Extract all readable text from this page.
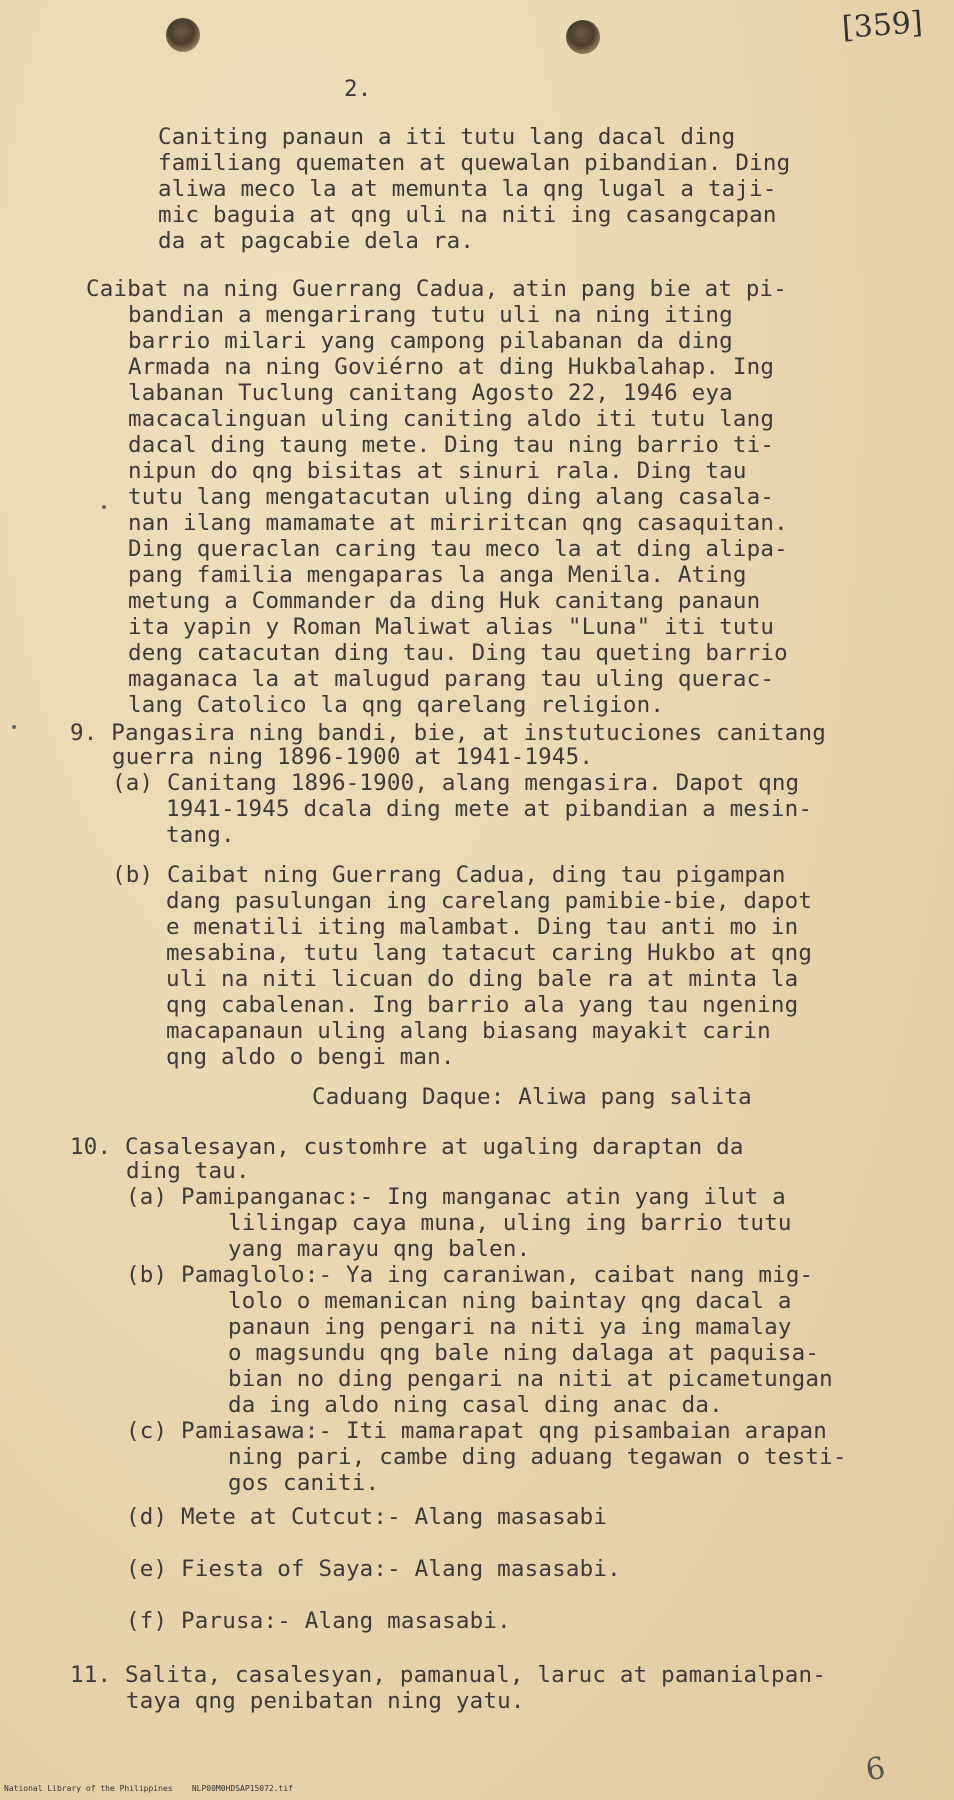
[359]
2.
Caniting panaun a iti tutu lang dacal ding
familiang quematen at quewalan pibandian. Ding
aliwa meco la at memunta la qng lugal a taji-
mic baguia at qng uli na niti ing casangcapan
da at pagcabie dela ra.
Caibat na ning Guerrang Cadua, atin pang bie at pi-
bandian a mengarirang tutu uli na ning iting
barrio milari yang campong pilabanan da ding
Armada na ning Goviérno at ding Hukbalahap. Ing
labanan Tuclung canitang Agosto 22, 1946 eya
macacalinguan uling caniting aldo iti tutu lang
dacal ding taung mete. Ding tau ning barrio ti-
nipun do qng bisitas at sinuri rala. Ding tau
tutu lang mengatacutan uling ding alang casala-
nan ilang mamamate at miriritcan qng casaquitan.
Ding queraclan caring tau meco la at ding alipa-
pang familia mengaparas la anga Menila. Ating
metung a Commander da ding Huk canitang panaun
ita yapin y Roman Maliwat alias "Luna" iti tutu
deng catacutan ding tau. Ding tau queting barrio
maganaca la at malugud parang tau uling querac-
lang Catolico la qng qarelang religion.
9. Pangasira ning bandi, bie, at instutuciones canitang
guerra ning 1896-1900 at 1941-1945.
(a) Canitang 1896-1900, alang mengasira. Dapot qng
1941-1945 dcala ding mete at pibandian a mesin-
tang.
(b) Caibat ning Guerrang Cadua, ding tau pigampan
dang pasulungan ing carelang pamibie-bie, dapot
e menatili iting malambat. Ding tau anti mo in
mesabina, tutu lang tatacut caring Hukbo at qng
uli na niti licuan do ding bale ra at minta la
qng cabalenan. Ing barrio ala yang tau ngening
macapanaun uling alang biasang mayakit carin
qng aldo o bengi man.
Caduang Daque: Aliwa pang salita
10. Casalesayan, customhre at ugaling daraptan da
ding tau.
(a) Pamipanganac:- Ing manganac atin yang ilut a
lilingap caya muna, uling ing barrio tutu
yang marayu qng balen.
(b) Pamaglolo:- Ya ing caraniwan, caibat nang mig-
lolo o memanican ning baintay qng dacal a
panaun ing pengari na niti ya ing mamalay
o magsundu qng bale ning dalaga at paquisa-
bian no ding pengari na niti at picametungan
da ing aldo ning casal ding anac da.
(c) Pamiasawa:- Iti mamarapat qng pisambaian arapan
ning pari, cambe ding aduang tegawan o testi-
gos caniti.
(d) Mete at Cutcut:- Alang masasabi
(e) Fiesta of Saya:- Alang masasabi.
(f) Parusa:- Alang masasabi.
11. Salita, casalesyan, pamanual, laruc at pamanialpan-
taya qng penibatan ning yatu.
National Library of the Philippines    NLP00M0HDSAP15072.tif
6
